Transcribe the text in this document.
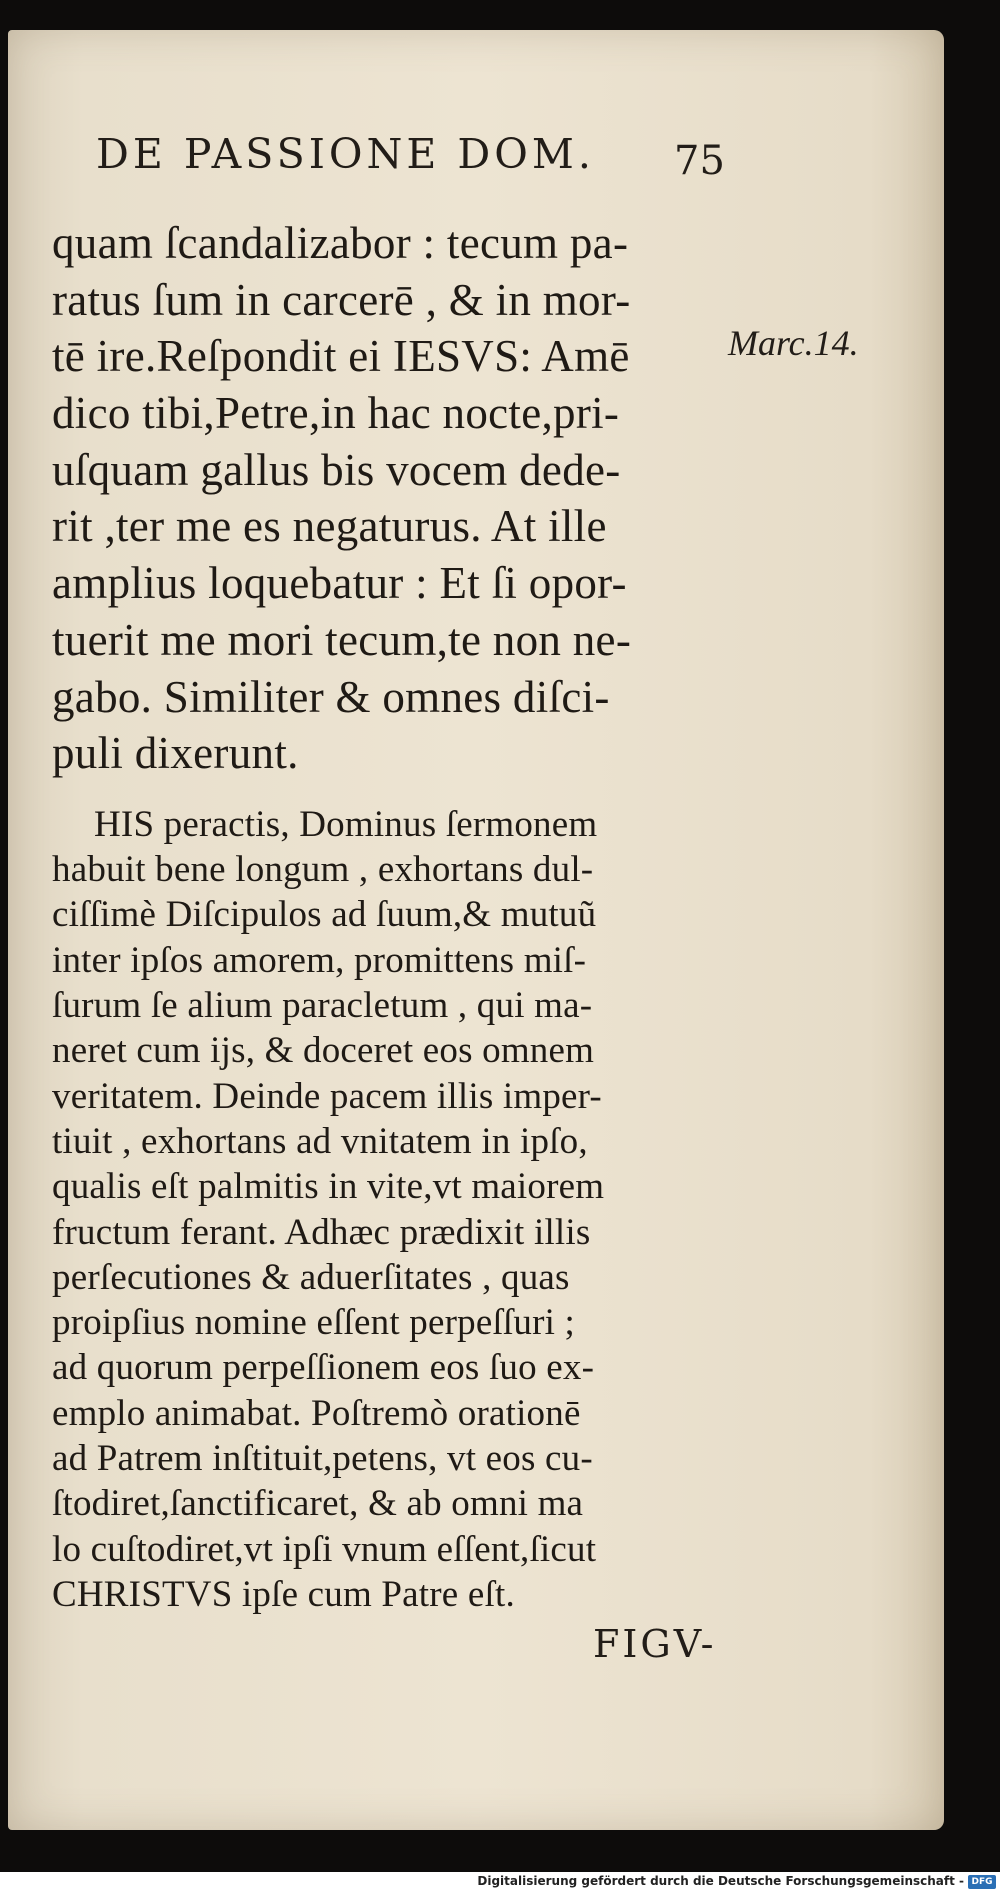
DE PASSIONE DOM. 75
Marc.14.
quam ſcandalizabor : tecum pa-
ratus ſum in carcerē , & in mor-
tē ire.Reſpondit ei IESVS: Amē
dico tibi,Petre,in hac nocte,pri-
uſquam gallus bis vocem dede-
rit ,ter me es negaturus. At ille
amplius loquebatur : Et ſi opor-
tuerit me mori tecum,te non ne-
gabo. Similiter & omnes diſci-
puli dixerunt.
HIS peractis, Dominus ſermonem
habuit bene longum , exhortans dul-
ciſſimè Diſcipulos ad ſuum,& mutuũ
inter ipſos amorem, promittens miſ-
ſurum ſe alium paracletum , qui ma-
neret cum ijs, & doceret eos omnem
veritatem. Deinde pacem illis imper-
tiuit , exhortans ad vnitatem in ipſo,
qualis eſt palmitis in vite,vt maiorem
fructum ferant. Adhæc prædixit illis
perſecutiones & aduerſitates , quas
proipſius nomine eſſent perpeſſuri ;
ad quorum perpeſſionem eos ſuo ex-
emplo animabat. Poſtremò orationē
ad Patrem inſtituit,petens, vt eos cu-
ſtodiret,ſanctificaret, & ab omni ma
lo cuſtodiret,vt ipſi vnum eſſent,ſicut
CHRISTVS ipſe cum Patre eſt.
FIGV-
Digitalisierung gefördert durch die Deutsche Forschungsgemeinschaft - DFG
